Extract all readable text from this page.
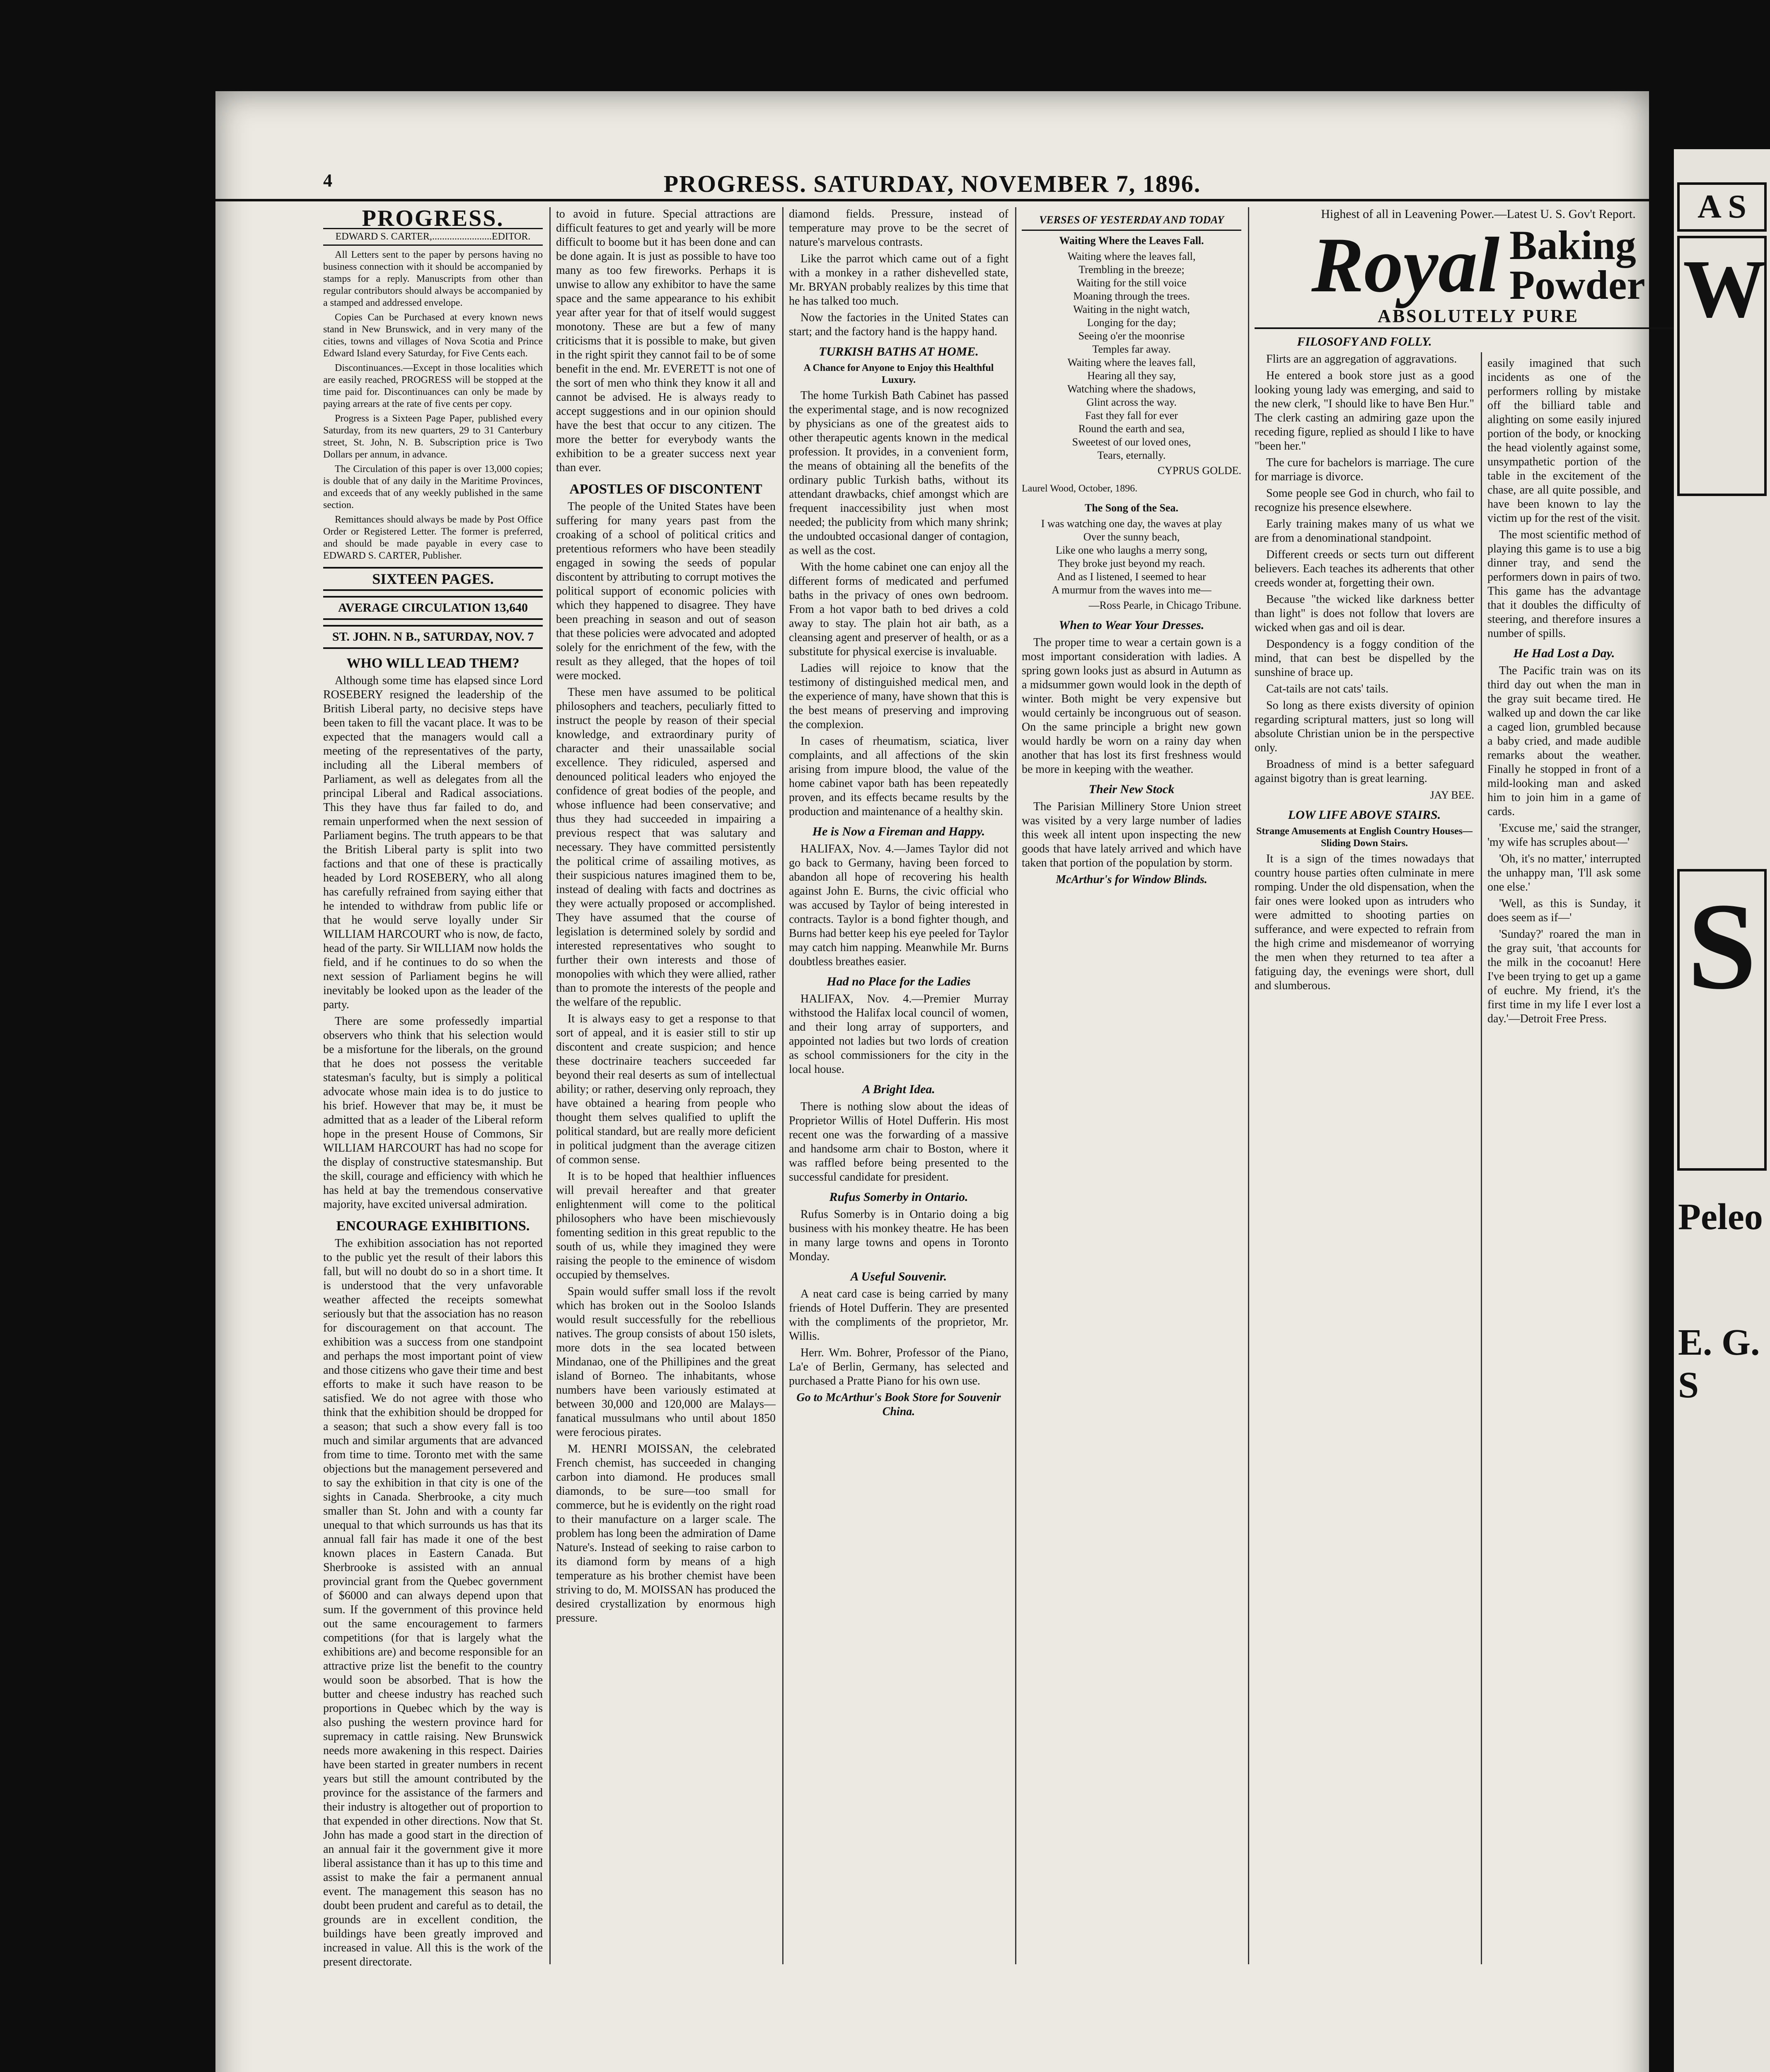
4	PROGRESS. SATURDAY, NOVEMBER 7, 1896.
PROGRESS.
EDWARD S. CARTER,........................EDITOR.

All Letters sent to the paper by persons having no business connection with it should be accompanied by stamps for a reply. Manuscripts from other than regular contributors should always be accompanied by a stamped and addressed envelope.

Copies Can be Purchased at every known news stand in New Brunswick, and in very many of the cities, towns and villages of Nova Scotia and Prince Edward Island every Saturday, for Five Cents each.

Discontinuances.—Except in those localities which are easily reached, PROGRESS will be stopped at the time paid for. Discontinuances can only be made by paying arrears at the rate of five cents per copy.

Progress is a Sixteen Page Paper, published every Saturday, from its new quarters, 29 to 31 Canterbury street, St. John, N. B. Subscription price is Two Dollars per annum, in advance.

The Circulation of this paper is over 13,000 copies; is double that of any daily in the Maritime Provinces, and exceeds that of any weekly published in the same section.

Remittances should always be made by Post Office Order or Registered Letter. The former is preferred, and should be made payable in every case to EDWARD S. CARTER, Publisher.

SIXTEEN PAGES.
AVERAGE CIRCULATION 13,640
ST. JOHN. N B., SATURDAY, NOV. 7
WHO WILL LEAD THEM?

Although some time has elapsed since Lord ROSEBERY resigned the leadership of the British Liberal party, no decisive steps have been taken to fill the vacant place. It was to be expected that the managers would call a meeting of the representatives of the party, including all the Liberal members of Parliament, as well as delegates from all the principal Liberal and Radical associations. This they have thus far failed to do, and remain unperformed when the next session of Parliament begins. The truth appears to be that the British Liberal party is split into two factions and that one of these is practically headed by Lord ROSEBERY, who all along has carefully refrained from saying either that he intended to withdraw from public life or that he would serve loyally under Sir WILLIAM HARCOURT who is now, de facto, head of the party. Sir WILLIAM now holds the field, and if he continues to do so when the next session of Parliament begins he will inevitably be looked upon as the leader of the party.

There are some professedly impartial observers who think that his selection would be a misfortune for the liberals, on the ground that he does not possess the veritable statesman's faculty, but is simply a political advocate whose main idea is to do justice to his brief. However that may be, it must be admitted that as a leader of the Liberal reform hope in the present House of Commons, Sir WILLIAM HARCOURT has had no scope for the display of constructive statesmanship. But the skill, courage and efficiency with which he has held at bay the tremendous conservative majority, have excited universal admiration.

ENCOURAGE EXHIBITIONS.

The exhibition association has not reported to the public yet the result of their labors this fall, but will no doubt do so in a short time. It is understood that the very unfavorable weather affected the receipts somewhat seriously but that the association has no reason for discouragement on that account. The exhibition was a success from one standpoint and perhaps the most important point of view and those citizens who gave their time and best efforts to make it such have reason to be satisfied. We do not agree with those who think that the exhibition should be dropped for a season; that such a show every fall is too much and similar arguments that are advanced from time to time. Toronto met with the same objections but the management persevered and to say the exhibition in that city is one of the sights in Canada. Sherbrooke, a city much smaller than St. John and with a county far unequal to that which surrounds us has that its annual fall fair has made it one of the best known places in Eastern Canada. But Sherbrooke is assisted with an annual provincial grant from the Quebec government of $6000 and can always depend upon that sum. If the government of this province held out the same encouragement to farmers competitions (for that is largely what the exhibitions are) and become responsible for an attractive prize list the benefit to the country would soon be absorbed. That is how the butter and cheese industry has reached such proportions in Quebec which by the way is also pushing the western province hard for supremacy in cattle raising. New Brunswick needs more awakening in this respect. Dairies have been started in greater numbers in recent years but still the amount contributed by the province for the assistance of the farmers and their industry is altogether out of proportion to that expended in other directions. Now that St. John has made a good start in the direction of an annual fair it the government give it more liberal assistance than it has up to this time and assist to make the fair a permanent annual event. The management this season has no doubt been prudent and careful as to detail, the grounds are in excellent condition, the buildings have been greatly improved and increased in value. All this is the work of the present directorate.

to avoid in future. Special attractions are difficult features to get and yearly will be more difficult to boome but it has been done and can be done again. It is just as possible to have too many as too few fireworks. Perhaps it is unwise to allow any exhibitor to have the same space and the same appearance to his exhibit year after year for that of itself would suggest monotony. These are but a few of many criticisms that it is possible to make, but given in the right spirit they cannot fail to be of some benefit in the end. Mr. EVERETT is not one of the sort of men who think they know it all and cannot be advised. He is always ready to accept suggestions and in our opinion should have the best that occur to any citizen. The more the better for everybody wants the exhibition to be a greater success next year than ever.

APOSTLES OF DISCONTENT

The people of the United States have been suffering for many years past from the croaking of a school of political critics and pretentious reformers who have been steadily engaged in sowing the seeds of popular discontent by attributing to corrupt motives the political support of economic policies with which they happened to disagree. They have been preaching in season and out of season that these policies were advocated and adopted solely for the enrichment of the few, with the result as they alleged, that the hopes of toil were mocked.

These men have assumed to be political philosophers and teachers, peculiarly fitted to instruct the people by reason of their special knowledge, and extraordinary purity of character and their unassailable social excellence. They ridiculed, aspersed and denounced political leaders who enjoyed the confidence of great bodies of the people, and whose influence had been conservative; and thus they had succeeded in impairing a previous respect that was salutary and necessary. They have committed persistently the political crime of assailing motives, as their suspicious natures imagined them to be, instead of dealing with facts and doctrines as they were actually proposed or accomplished. They have assumed that the course of legislation is determined solely by sordid and interested representatives who sought to further their own interests and those of monopolies with which they were allied, rather than to promote the interests of the people and the welfare of the republic.

It is always easy to get a response to that sort of appeal, and it is easier still to stir up discontent and create suspicion; and hence these doctrinaire teachers succeeded far beyond their real deserts as sum of intellectual ability; or rather, deserving only reproach, they have obtained a hearing from people who thought them selves qualified to uplift the political standard, but are really more deficient in political judgment than the average citizen of common sense.

It is to be hoped that healthier influences will prevail hereafter and that greater enlightenment will come to the political philosophers who have been mischievously fomenting sedition in this great republic to the south of us, while they imagined they were raising the people to the eminence of wisdom occupied by themselves.

Spain would suffer small loss if the revolt which has broken out in the Sooloo Islands would result successfully for the rebellious natives. The group consists of about 150 islets, more dots in the sea located between Mindanao, one of the Phillipines and the great island of Borneo. The inhabitants, whose numbers have been variously estimated at between 30,000 and 120,000 are Malays—fanatical mussulmans who until about 1850 were ferocious pirates.

M. HENRI MOISSAN, the celebrated French chemist, has succeeded in changing carbon into diamond. He produces small diamonds, to be sure—too small for commerce, but he is evidently on the right road to their manufacture on a larger scale. The problem has long been the admiration of Dame Nature's. Instead of seeking to raise carbon to its diamond form by means of a high temperature as his brother chemist have been striving to do, M. MOISSAN has produced the desired crystallization by enormous high pressure.

diamond fields. Pressure, instead of temperature may prove to be the secret of nature's marvelous contrasts.

Like the parrot which came out of a fight with a monkey in a rather dishevelled state, Mr. BRYAN probably realizes by this time that he has talked too much.

Now the factories in the United States can start; and the factory hand is the happy hand.

TURKISH BATHS AT HOME.
A Chance for Anyone to Enjoy this Healthful Luxury.

The home Turkish Bath Cabinet has passed the experimental stage, and is now recognized by physicians as one of the greatest aids to other therapeutic agents known in the medical profession. It provides, in a convenient form, the means of obtaining all the benefits of the ordinary public Turkish baths, without its attendant drawbacks, chief amongst which are frequent inaccessibility just when most needed; the publicity from which many shrink; the undoubted occasional danger of contagion, as well as the cost.

With the home cabinet one can enjoy all the different forms of medicated and perfumed baths in the privacy of ones own bedroom. From a hot vapor bath to bed drives a cold away to stay. The plain hot air bath, as a cleansing agent and preserver of health, or as a substitute for physical exercise is invaluable.

Ladies will rejoice to know that the testimony of distinguished medical men, and the experience of many, have shown that this is the best means of preserving and improving the complexion.

In cases of rheumatism, sciatica, liver complaints, and all affections of the skin arising from impure blood, the value of the home cabinet vapor bath has been repeatedly proven, and its effects became results by the production and maintenance of a healthy skin.

He is Now a Fireman and Happy.

HALIFAX, Nov. 4.—James Taylor did not go back to Germany, having been forced to abandon all hope of recovering his health against John E. Burns, the civic official who was accused by Taylor of being interested in contracts. Taylor is a bond fighter though, and Burns had better keep his eye peeled for Taylor may catch him napping. Meanwhile Mr. Burns doubtless breathes easier.

Had no Place for the Ladies

HALIFAX, Nov. 4.—Premier Murray withstood the Halifax local council of women, and their long array of supporters, and appointed not ladies but two lords of creation as school commissioners for the city in the local house.

A Bright Idea.

There is nothing slow about the ideas of Proprietor Willis of Hotel Dufferin. His most recent one was the forwarding of a massive and handsome arm chair to Boston, where it was raffled before being presented to the successful candidate for president.

Rufus Somerby in Ontario.

Rufus Somerby is in Ontario doing a big business with his monkey theatre. He has been in many large towns and opens in Toronto Monday.

A Useful Souvenir.

A neat card case is being carried by many friends of Hotel Dufferin. They are presented with the compliments of the proprietor, Mr. Willis.

Herr. Wm. Bohrer, Professor of the Piano, La'e of Berlin, Germany, has selected and purchased a Pratte Piano for his own use.

Go to McArthur's Book Store for Souvenir China.

VERSES OF YESTERDAY AND TODAY

Waiting Where the Leaves Fall.

Waiting where the leaves fall,

Trembling in the breeze;

Waiting for the still voice

Moaning through the trees.

Waiting in the night watch,

Longing for the day;

Seeing o'er the moonrise

Temples far away.

Waiting where the leaves fall,

Hearing all they say,

Watching where the shadows,

Glint across the way.

Fast they fall for ever

Round the earth and sea,

Sweetest of our loved ones,

Tears, eternally.

CYPRUS GOLDE.
Laurel Wood, October, 1896.

The Song of the Sea.

I was watching one day, the waves at play

Over the sunny beach,

Like one who laughs a merry song,

They broke just beyond my reach.

And as I listened, I seemed to hear

A murmur from the waves into me—

—Ross Pearle, in Chicago Tribune.
When to Wear Your Dresses.

The proper time to wear a certain gown is a most important consideration with ladies. A spring gown looks just as absurd in Autumn as a midsummer gown would look in the depth of winter. Both might be very expensive but would certainly be incongruous out of season. On the same principle a bright new gown would hardly be worn on a rainy day when another that has lost its first freshness would be more in keeping with the weather.

Their New Stock

The Parisian Millinery Store Union street was visited by a very large number of ladies this week all intent upon inspecting the new goods that have lately arrived and which have taken that portion of the population by storm.

McArthur's for Window Blinds.

Highest of all in Leavening Power.—Latest U. S. Gov't Report.
Royal Baking
Powder
ABSOLUTELY PURE
FILOSOFY AND FOLLY.

Flirts are an aggregation of aggravations.

He entered a book store just as a good looking young lady was emerging, and said to the new clerk, "I should like to have Ben Hur." The clerk casting an admiring gaze upon the receding figure, replied as should I like to have "been her."

The cure for bachelors is marriage. The cure for marriage is divorce.

Some people see God in church, who fail to recognize his presence elsewhere.

Early training makes many of us what we are from a denominational standpoint.

Different creeds or sects turn out different believers. Each teaches its adherents that other creeds wonder at, forgetting their own.

Because "the wicked like darkness better than light" is does not follow that lovers are wicked when gas and oil is dear.

Despondency is a foggy condition of the mind, that can best be dispelled by the sunshine of brace up.

Cat-tails are not cats' tails.

So long as there exists diversity of opinion regarding scriptural matters, just so long will absolute Christian union be in the perspective only.

Broadness of mind is a better safeguard against bigotry than is great learning.

JAY BEE.
LOW LIFE ABOVE STAIRS.
Strange Amusements at English Country Houses—Sliding Down Stairs.

It is a sign of the times nowadays that country house parties often culminate in mere romping. Under the old dispensation, when the fair ones were looked upon as intruders who were admitted to shooting parties on sufferance, and were expected to refrain from the high crime and misdemeanor of worrying the men when they returned to tea after a fatiguing day, the evenings were short, dull and slumberous.

easily imagined that such incidents as one of the performers rolling by mistake off the billiard table and alighting on some easily injured portion of the body, or knocking the head violently against some, unsympathetic portion of the table in the excitement of the chase, are all quite possible, and have been known to lay the victim up for the rest of the visit.

The most scientific method of playing this game is to use a big dinner tray, and send the performers down in pairs of two. This game has the advantage that it doubles the difficulty of steering, and therefore insures a number of spills.

He Had Lost a Day.

The Pacific train was on its third day out when the man in the gray suit became tired. He walked up and down the car like a caged lion, grumbled because a baby cried, and made audible remarks about the weather. Finally he stopped in front of a mild-looking man and asked him to join him in a game of cards.

'Excuse me,' said the stranger, 'my wife has scruples about—'

'Oh, it's no matter,' interrupted the unhappy man, 'I'll ask some one else.'

'Well, as this is Sunday, it does seem as if—'

'Sunday?' roared the man in the gray suit, 'that accounts for the milk in the cocoanut! Here I've been trying to get up a game of euchre. My friend, it's the first time in my life I ever lost a day.'—Detroit Free Press.

A S
W
S
Peleo
E. G. S
